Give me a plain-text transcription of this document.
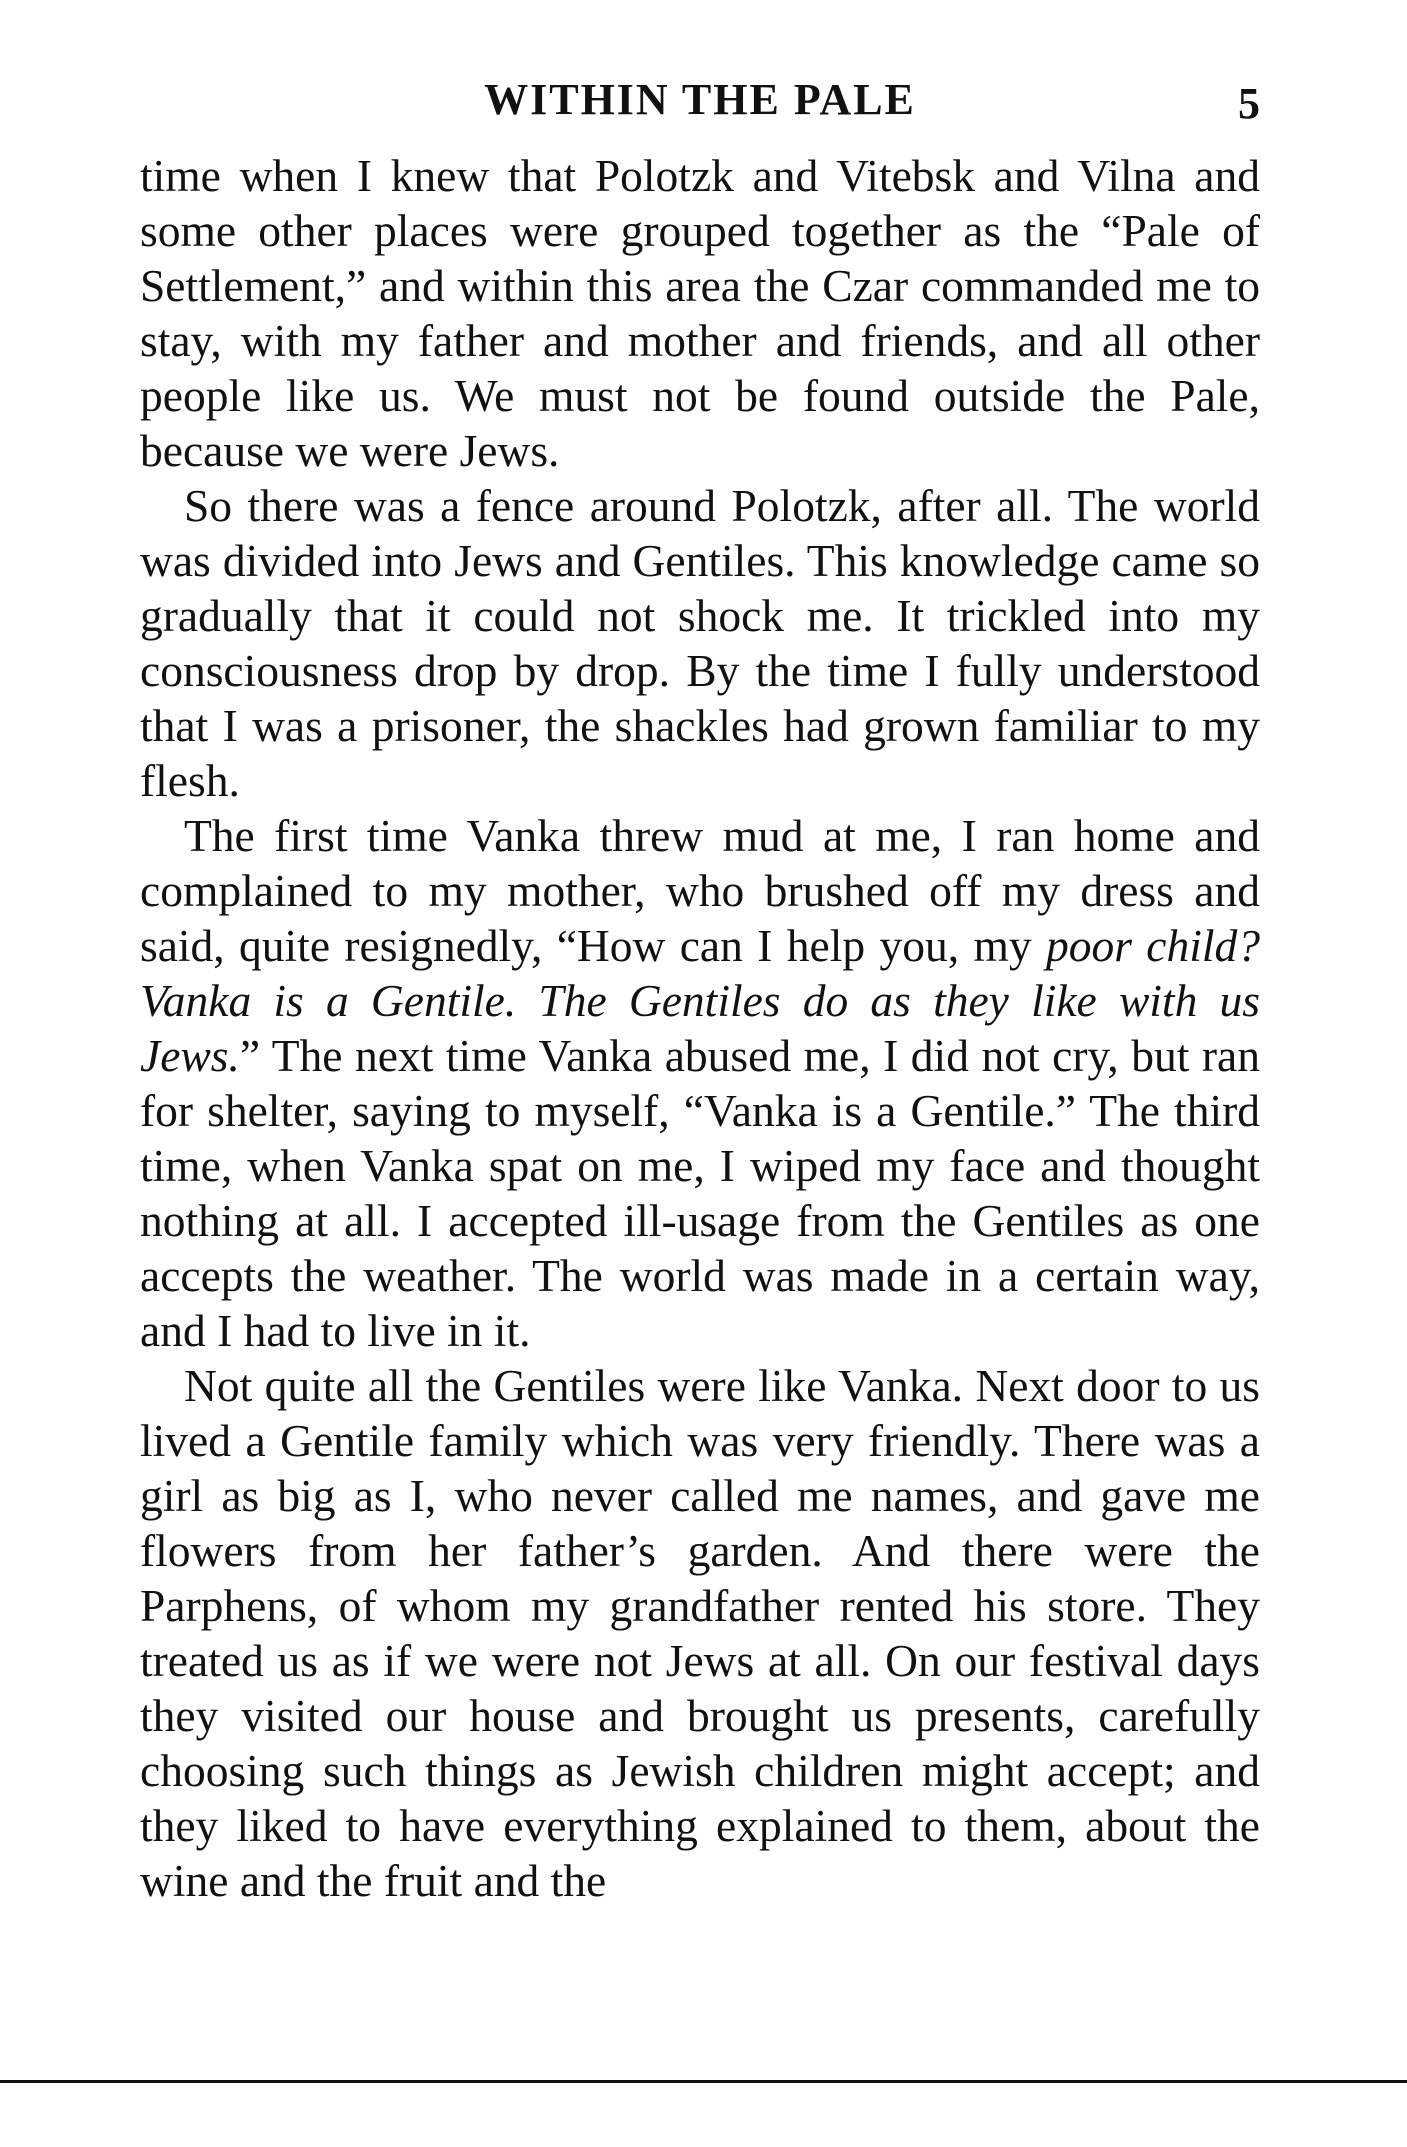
WITHIN THE PALE	5

time when I knew that Polotzk and Vitebsk and Vilna and some other places were grouped together as the “Pale of Settlement,” and within this area the Czar commanded me to stay, with my father and mother and friends, and all other people like us. We must not be found outside the Pale, because we were Jews.

So there was a fence around Polotzk, after all. The world was divided into Jews and Gentiles. This knowledge came so gradually that it could not shock me. It trickled into my consciousness drop by drop. By the time I fully understood that I was a prisoner, the shackles had grown familiar to my flesh.

The first time Vanka threw mud at me, I ran home and complained to my mother, who brushed off my dress and said, quite resignedly, “How can I help you, my poor child? Vanka is a Gentile. The Gentiles do as they like with us Jews.” The next time Vanka abused me, I did not cry, but ran for shelter, saying to myself, “Vanka is a Gentile.” The third time, when Vanka spat on me, I wiped my face and thought nothing at all. I accepted ill-usage from the Gentiles as one accepts the weather. The world was made in a certain way, and I had to live in it.

Not quite all the Gentiles were like Vanka. Next door to us lived a Gentile family which was very friendly. There was a girl as big as I, who never called me names, and gave me flowers from her father’s garden. And there were the Parphens, of whom my grandfather rented his store. They treated us as if we were not Jews at all. On our festival days they visited our house and brought us presents, carefully choosing such things as Jewish children might accept; and they liked to have everything explained to them, about the wine and the fruit and the
